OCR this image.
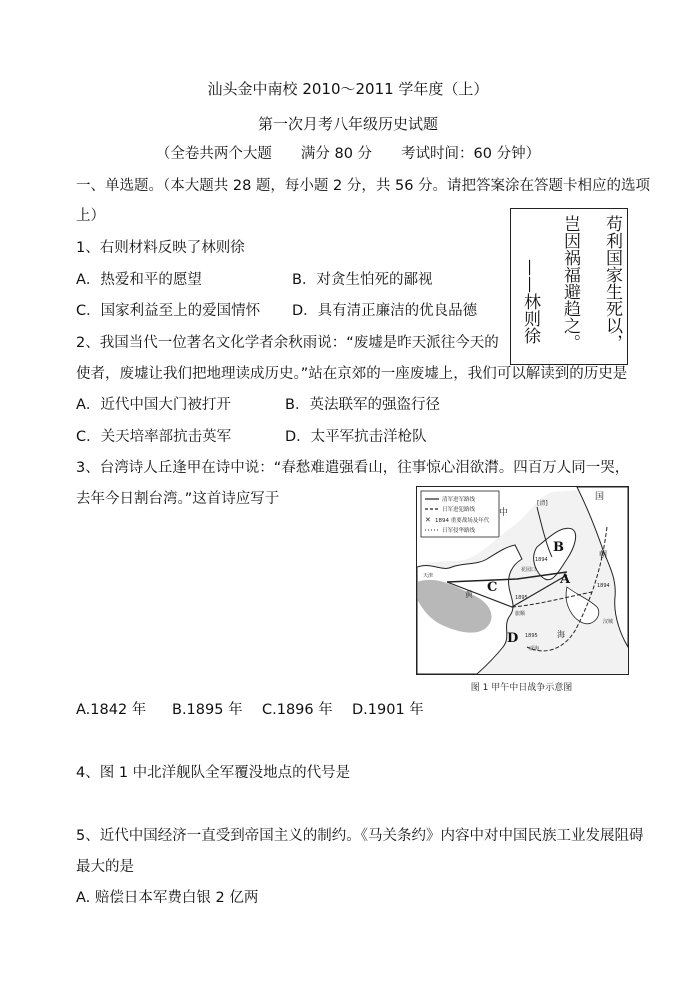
汕头金中南校 2010～2011 学年度（上）
第一次月考八年级历史试题
（全卷共两个大题　　满分 80 分　　考试时间：60 分钟）
一、单选题。（本大题共 28 题，每小题 2 分，共 56 分。请把答案涂在答题卡相应的选项
上）	苟利国家生死以，
岂因祸福避趋之。
——林则徐
1、右则材料反映了林则徐
A．热爱和平的愿望	B．对贪生怕死的鄙视
C．国家利益至上的爱国情怀 D．具有清正廉洁的优良品德
2、我国当代一位著名文化学者余秋雨说：“废墟是昨天派往今天的
使者，废墟让我们把地理读成历史。”站在京郊的一座废墟上，我们可以解读到的历史是
A．近代中国大门被打开	B．英法联军的强盗行径
C．关天培率部抗击英军	D．太平军抗击洋枪队
3、台湾诗人丘逢甲在诗中说：“春愁难遣强看山，往事惊心泪欲潸。四百万人同一哭，
去年今日割台湾。”这首诗应写于
✕
清军进军路线
日军进犯路线
1894 重要战场及年代
日军侵华路线
中
[清]
国
朝
B
A
C
D
1894
1894
1895
1895
天津
旅顺
威海
花园口
黄
海
汉城
图 1 甲午中日战争示意图
A.1842 年 B.1895 年 C.1896 年 D.1901 年
4、图 1 中北洋舰队全军覆没地点的代号是
5、近代中国经济一直受到帝国主义的制约。《马关条约》内容中对中国民族工业发展阻碍
最大的是
A. 赔偿日本军费白银 2 亿两
